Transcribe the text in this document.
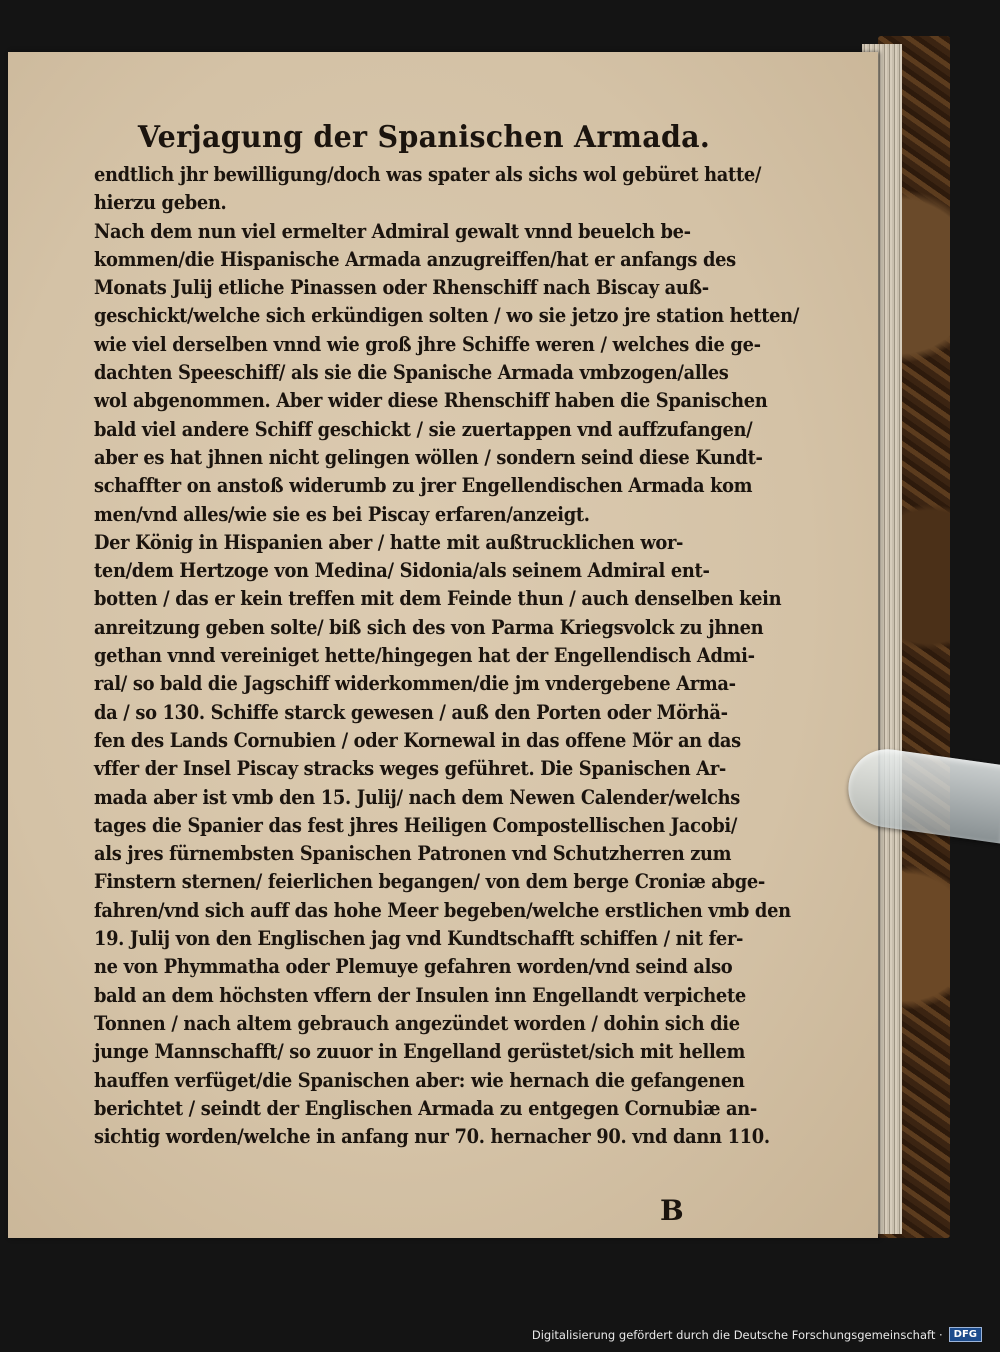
Verjagung der Spanischen Armada.
endtlich jhr bewilligung/doch was spater als sichs wol gebüret hatte/
hierzu geben.
Nach dem nun viel ermelter Admiral gewalt vnnd beuelch be-
kommen/die Hispanische Armada anzugreiffen/hat er anfangs des
Monats Julij etliche Pinassen oder Rhenschiff nach Biscay auß-
geschickt/welche sich erkündigen solten / wo sie jetzo jre station hetten/
wie viel derselben vnnd wie groß jhre Schiffe weren / welches die ge-
dachten Speeschiff/ als sie die Spanische Armada vmbzogen/alles
wol abgenommen. Aber wider diese Rhenschiff haben die Spanischen
bald viel andere Schiff geschickt / sie zuertappen vnd auffzufangen/
aber es hat jhnen nicht gelingen wöllen / sondern seind diese Kundt-
schaffter on anstoß widerumb zu jrer Engellendischen Armada kom
men/vnd alles/wie sie es bei Piscay erfaren/anzeigt.
Der König in Hispanien aber / hatte mit außtrucklichen wor-
ten/dem Hertzoge von Medina/ Sidonia/als seinem Admiral ent-
botten / das er kein treffen mit dem Feinde thun / auch denselben kein
anreitzung geben solte/ biß sich des von Parma Kriegsvolck zu jhnen
gethan vnnd vereiniget hette/hingegen hat der Engellendisch Admi-
ral/ so bald die Jagschiff widerkommen/die jm vndergebene Arma-
da / so 130. Schiffe starck gewesen / auß den Porten oder Mörhä-
fen des Lands Cornubien / oder Kornewal in das offene Mör an das
vffer der Insel Piscay stracks weges geführet. Die Spanischen Ar-
mada aber ist vmb den 15. Julij/ nach dem Newen Calender/welchs
tages die Spanier das fest jhres Heiligen Compostellischen Jacobi/
als jres fürnembsten Spanischen Patronen vnd Schutzherren zum
Finstern sternen/ feierlichen begangen/ von dem berge Croniæ abge-
fahren/vnd sich auff das hohe Meer begeben/welche erstlichen vmb den
19. Julij von den Englischen jag vnd Kundtschafft schiffen / nit fer-
ne von Phymmatha oder Plemuye gefahren worden/vnd seind also
bald an dem höchsten vffern der Insulen inn Engellandt verpichete
Tonnen / nach altem gebrauch angezündet worden / dohin sich die
junge Mannschafft/ so zuuor in Engelland gerüstet/sich mit hellem
hauffen verfüget/die Spanischen aber: wie hernach die gefangenen
berichtet / seindt der Englischen Armada zu entgegen Cornubiæ an-
sichtig worden/welche in anfang nur 70. hernacher 90. vnd dann 110.
B
Digitalisierung gefördert durch die Deutsche Forschungsgemeinschaft ·	DFG
